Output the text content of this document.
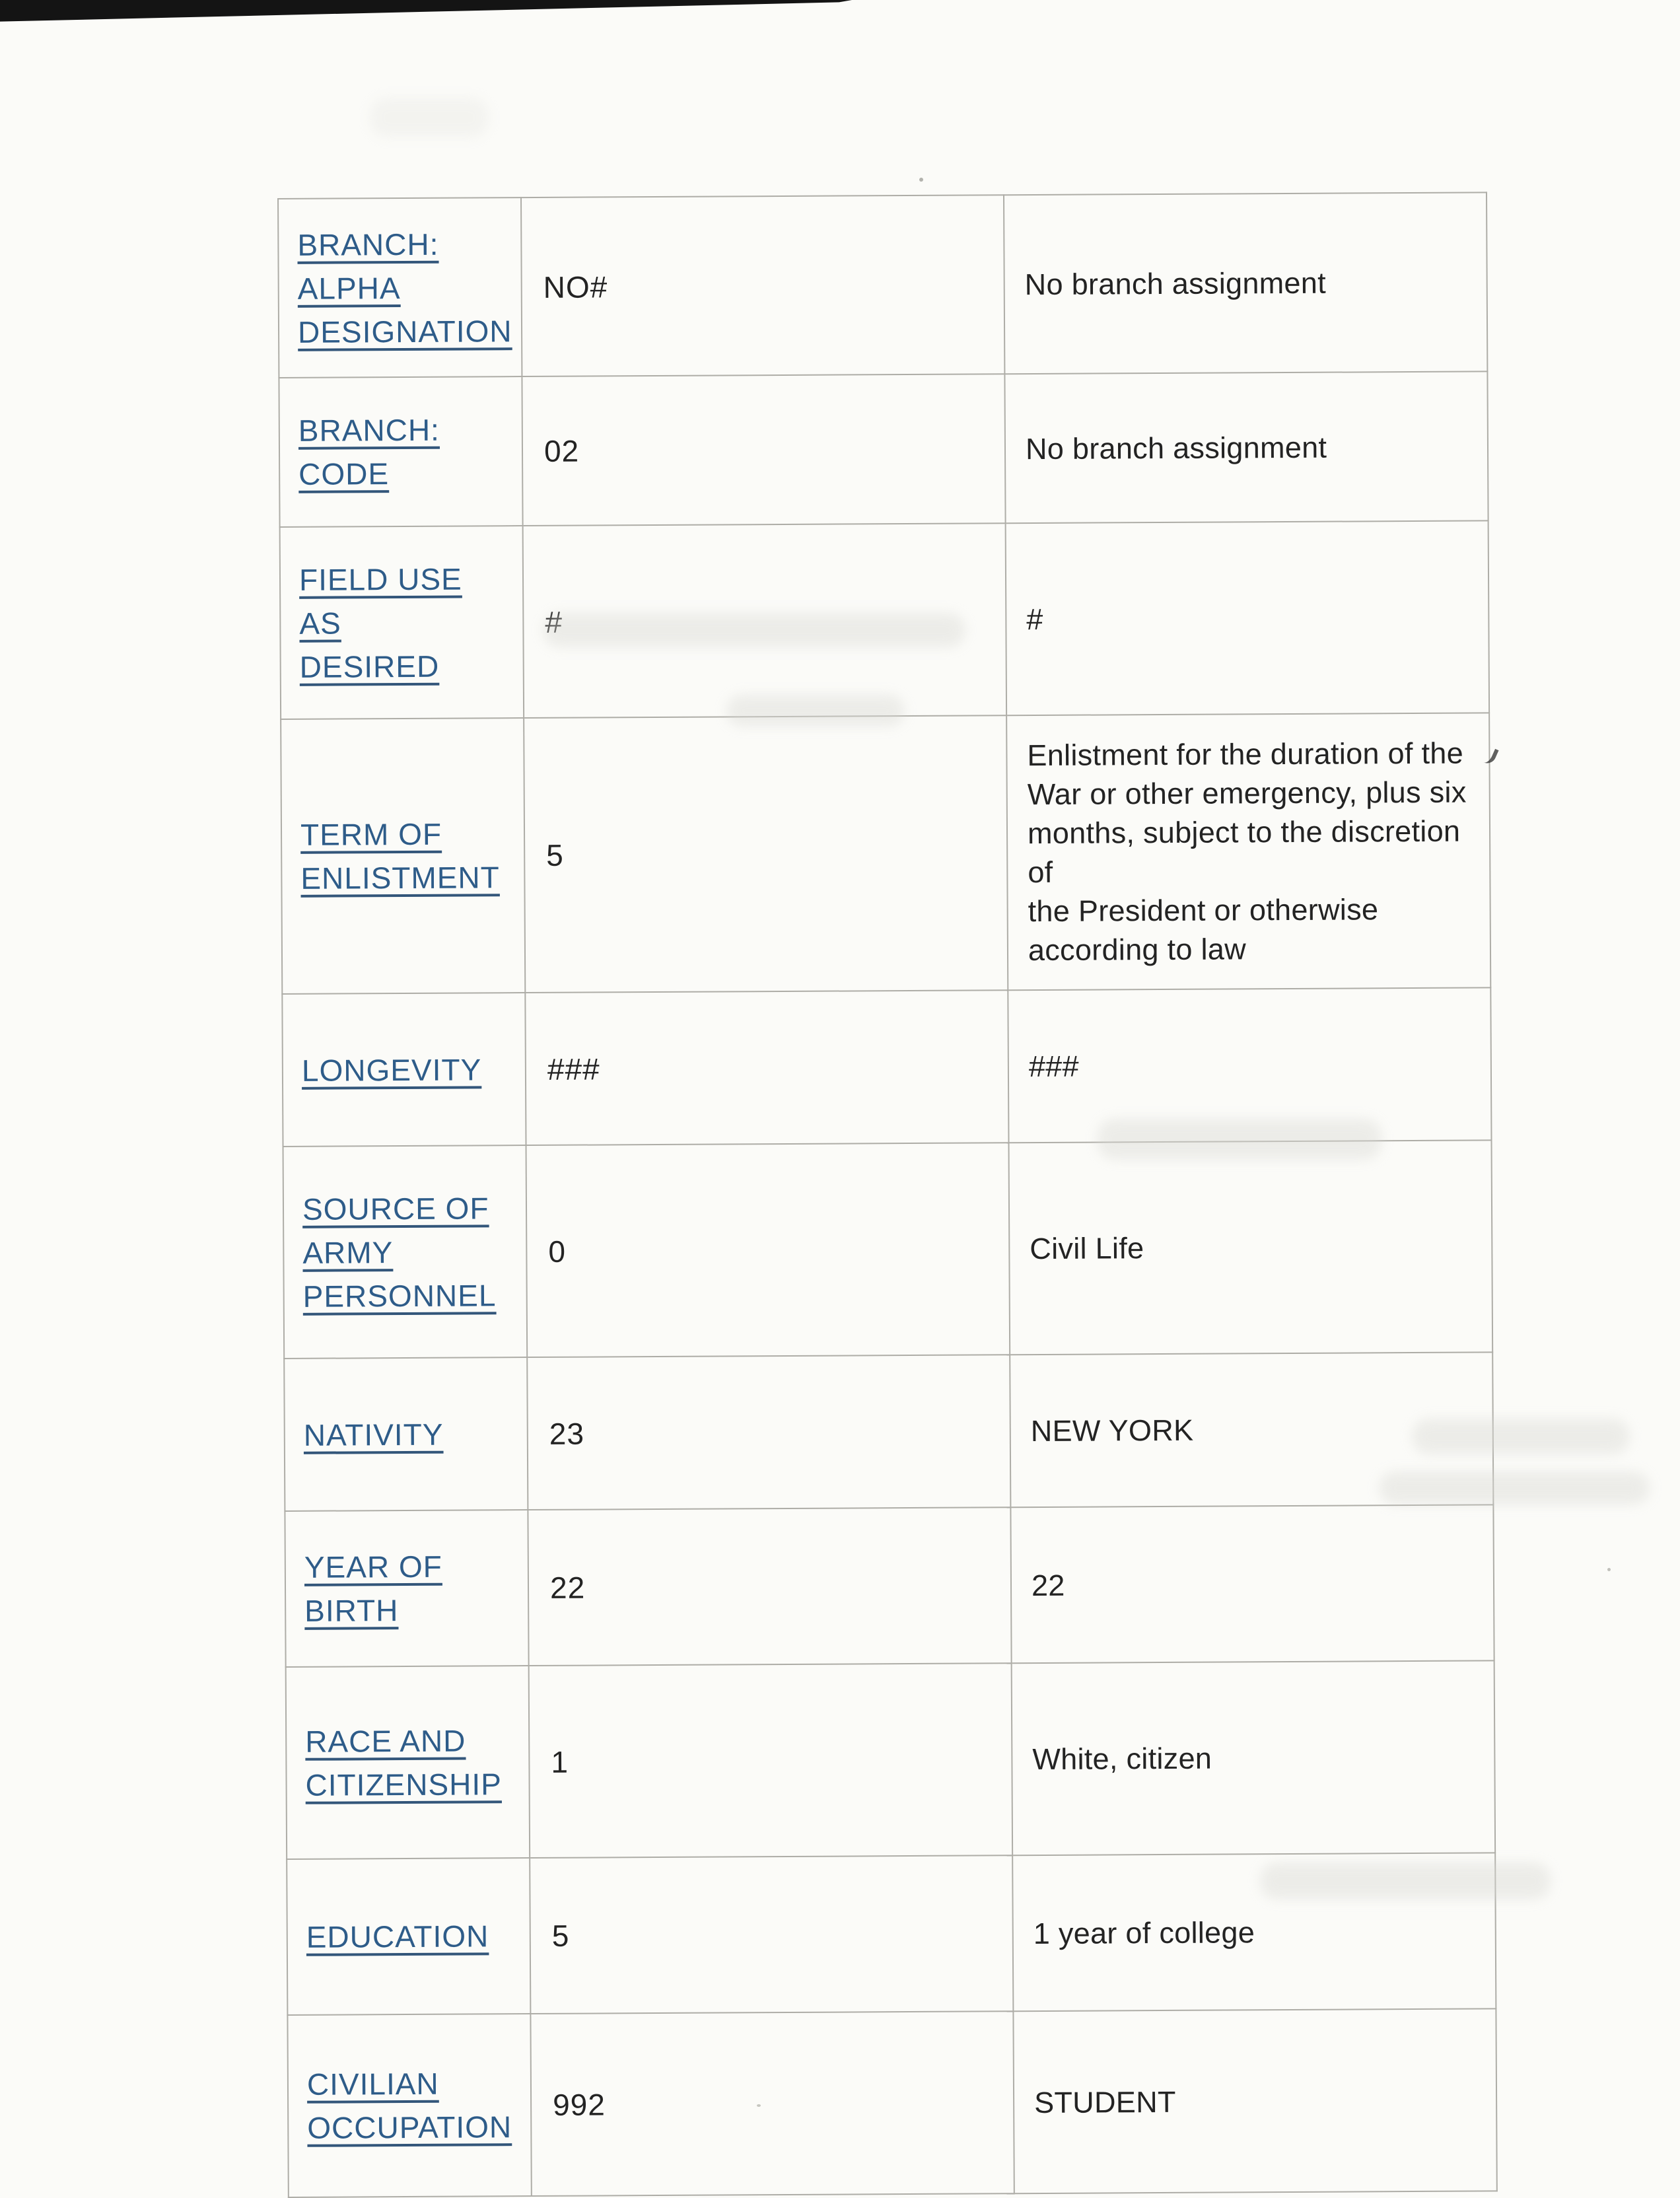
BRANCH: ALPHA
DESIGNATION	NO#	No branch assignment
BRANCH: CODE	02	No branch assignment
FIELD USE AS
DESIRED	#	#
TERM OF
ENLISTMENT	5	Enlistment for the duration of the
War or other emergency, plus six
months, subject to the discretion of
the President or otherwise
according to law
LONGEVITY	###	###
SOURCE OF
ARMY
PERSONNEL	0	Civil Life
NATIVITY	23	NEW YORK
YEAR OF BIRTH	22	22
RACE AND
CITIZENSHIP	1	White, citizen
EDUCATION	5	1 year of college
CIVILIAN
OCCUPATION	992	STUDENT
